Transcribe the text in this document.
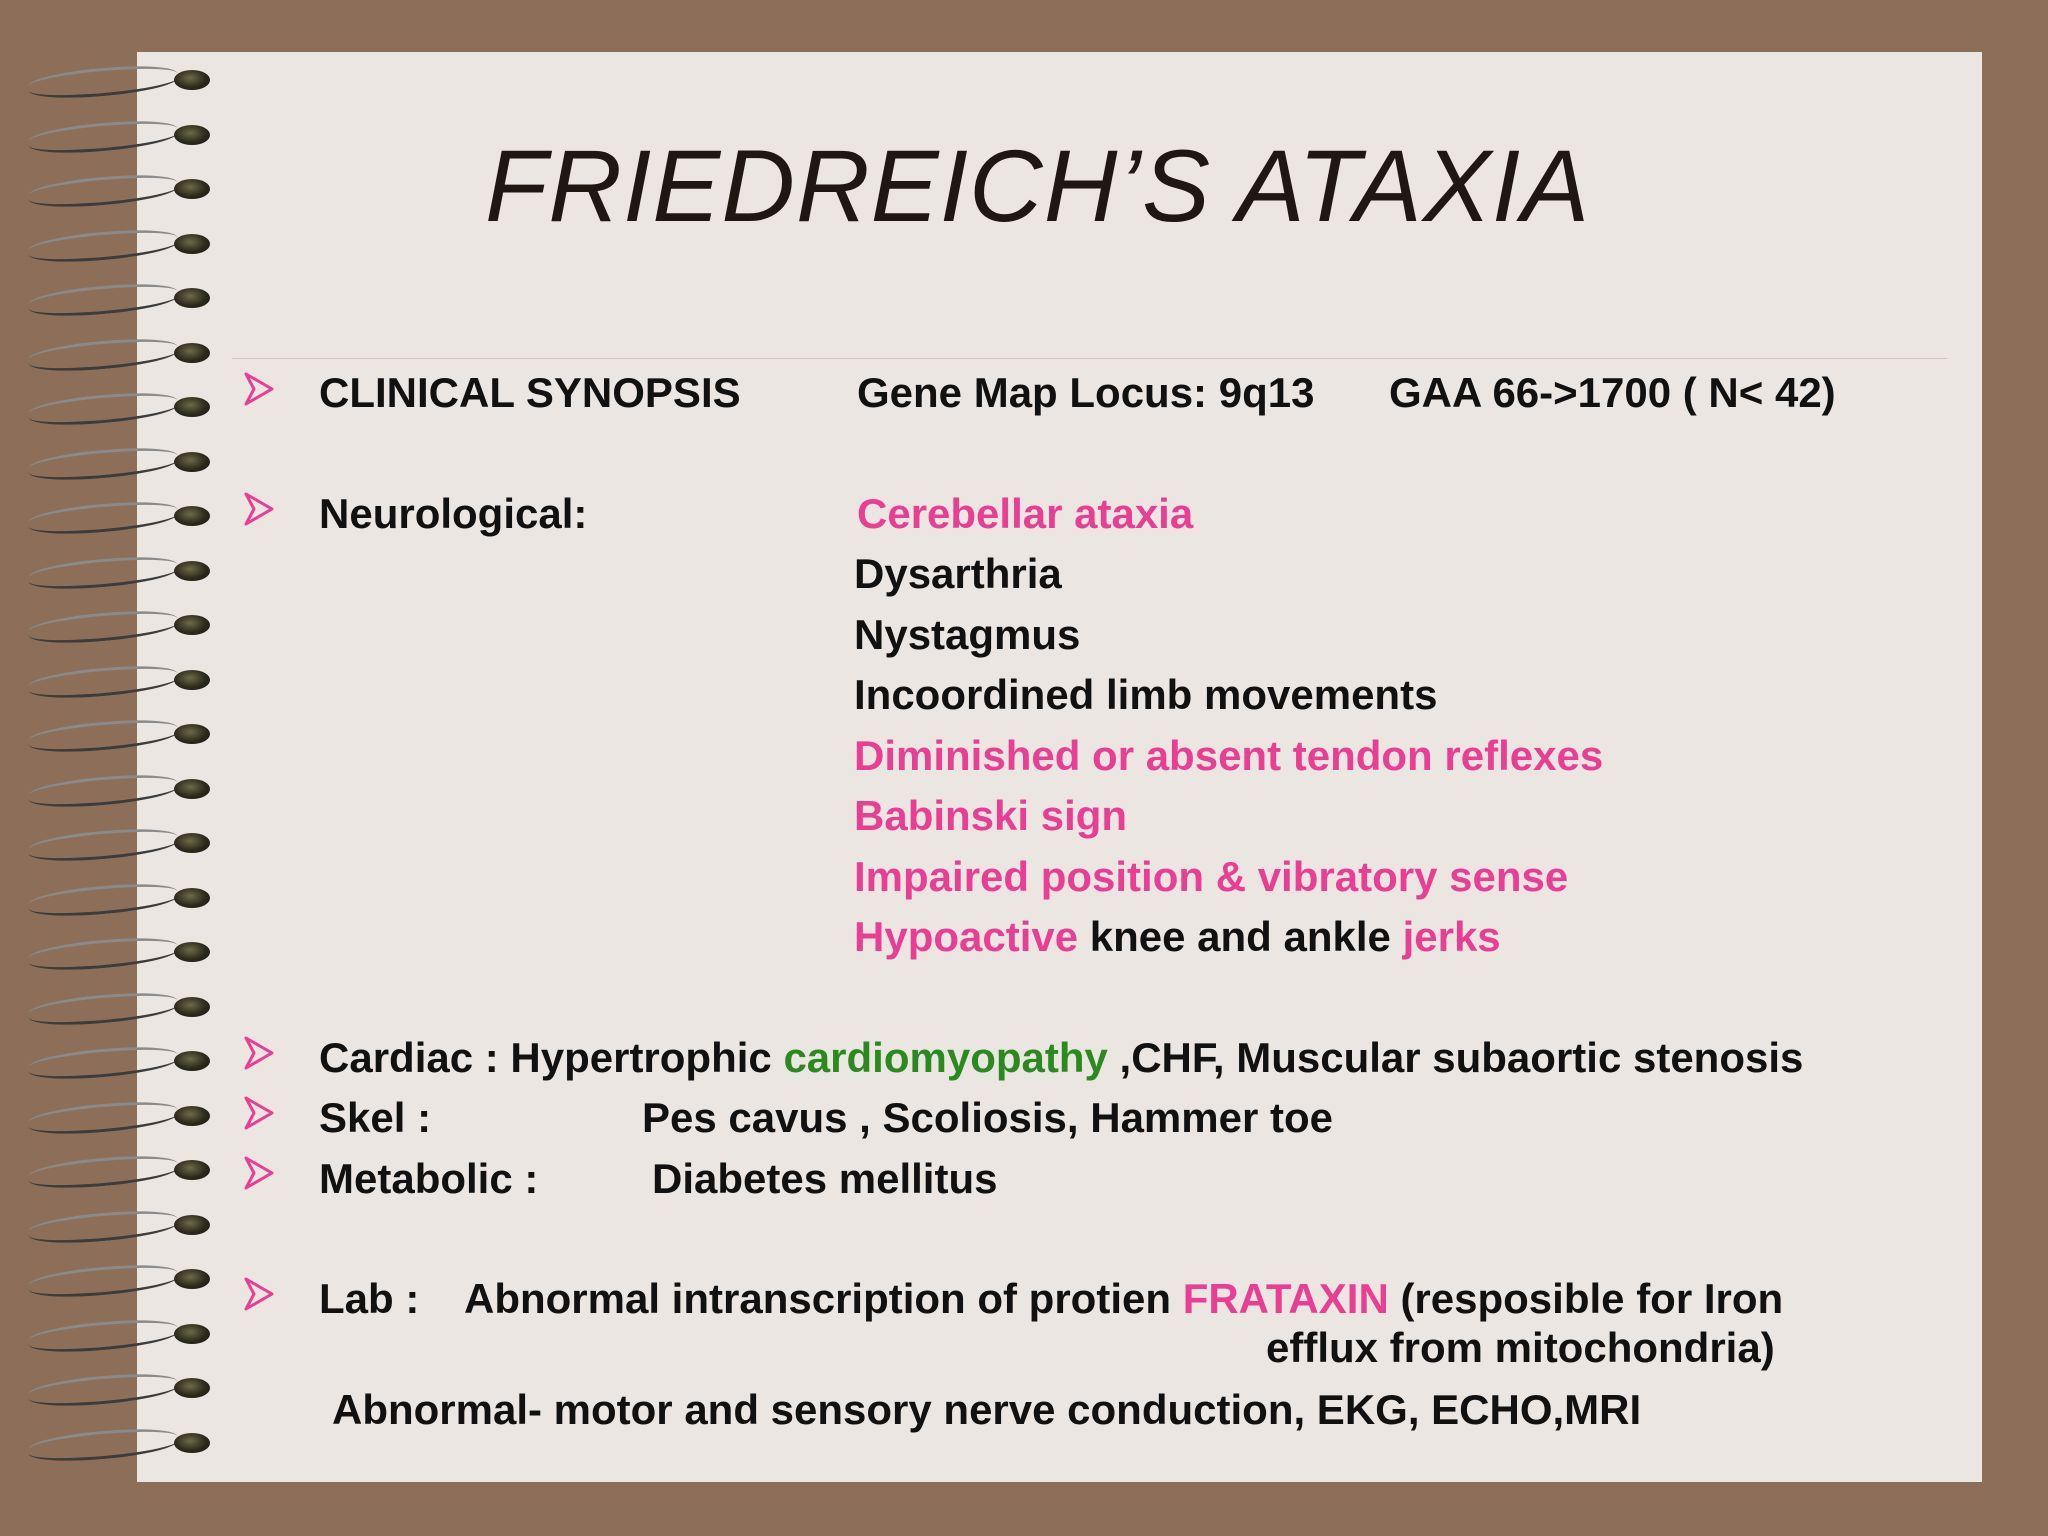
FRIEDREICH’S ATAXIA
CLINICAL SYNOPSIS	Gene Map Locus: 9q13 GAA 66->1700 ( N< 42)
Neurological:	Cerebellar ataxia
Dysarthria
Nystagmus
Incoordined limb movements
Diminished or absent tendon reflexes
Babinski sign
Impaired position & vibratory sense
Hypoactive knee and ankle jerks
Cardiac : Hypertrophic cardiomyopathy ,CHF, Muscular subaortic stenosis
Skel :	Pes cavus , Scoliosis, Hammer toe
Metabolic :	Diabetes mellitus
Lab : Abnormal intranscription of protien FRATAXIN (resposible for Iron
efflux from mitochondria)
Abnormal- motor and sensory nerve conduction, EKG, ECHO,MRI
